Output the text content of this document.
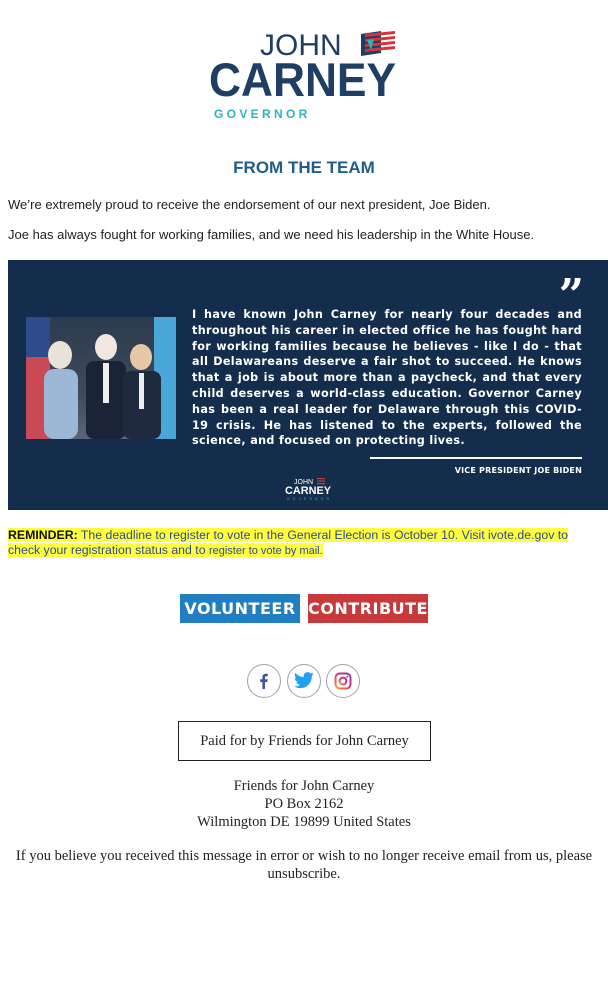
JOHN
CARNEY
G O V E R N O R
FROM THE TEAM
We’re extremely proud to receive the endorsement of our next president, Joe Biden.
Joe has always fought for working families, and we need his leadership in the White House.
”
I have known John Carney for nearly four decades and throughout his career in elected office he has fought hard for working families because he believes - like I do - that all Delawareans deserve a fair shot to succeed. He knows that a job is about more than a paycheck, and that every child deserves a world-class education. Governor Carney has been a real leader for Delaware through this COVID-19 crisis. He has listened to the experts, followed the science, and focused on protecting lives.
VICE PRESIDENT JOE BIDEN
JOHN
CARNEY
GOVERNOR
REMINDER: The deadline to register to vote in the General Election is October 10. Visit ivote.de.gov to check your registration status and to register to vote by mail.
VOLUNTEER CONTRIBUTE
Paid for by Friends for John Carney
Friends for John Carney
PO Box 2162
Wilmington DE 19899 United States
If you believe you received this message in error or wish to no longer receive email from us, please unsubscribe.
